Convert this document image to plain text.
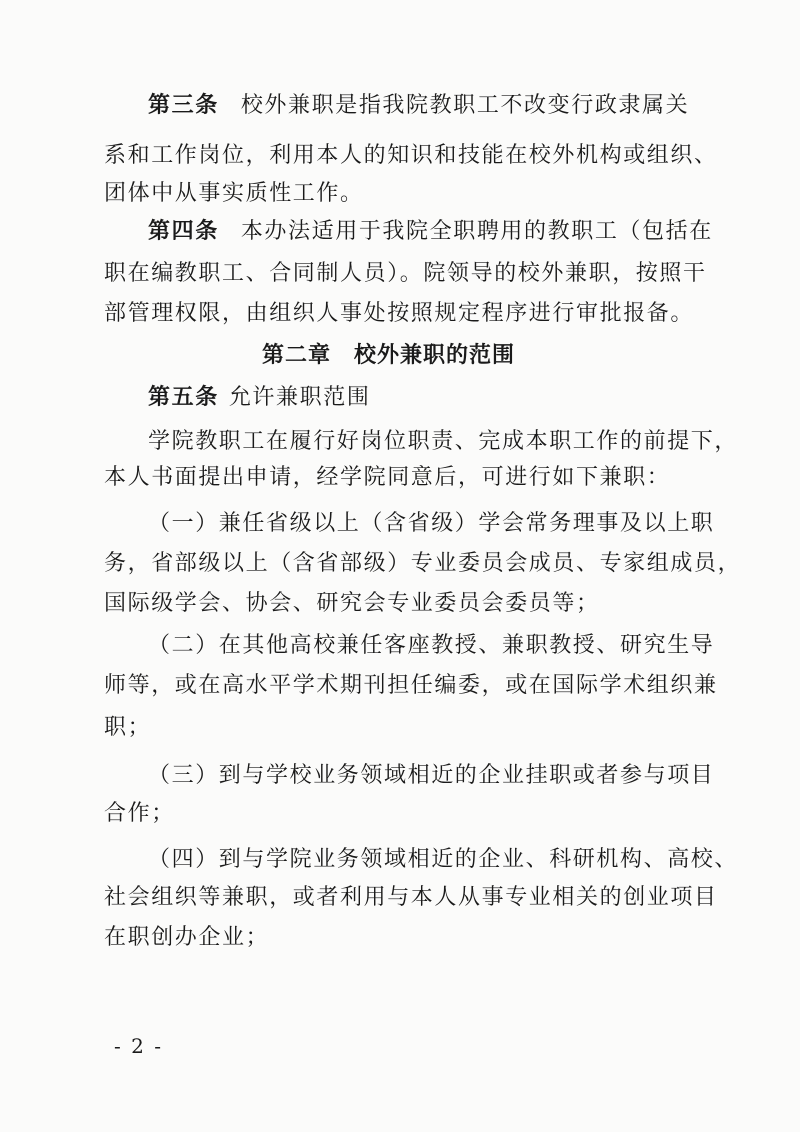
第三条 校外兼职是指我院教职工不改变行政隶属关
系和工作岗位，利用本人的知识和技能在校外机构或组织、
团体中从事实质性工作。
第四条 本办法适用于我院全职聘用的教职工（包括在
职在编教职工、合同制人员）。院领导的校外兼职，按照干
部管理权限，由组织人事处按照规定程序进行审批报备。
第二章　校外兼职的范围
第五条 允许兼职范围
学院教职工在履行好岗位职责、完成本职工作的前提下，
本人书面提出申请，经学院同意后，可进行如下兼职：
（一）兼任省级以上（含省级）学会常务理事及以上职
务，省部级以上（含省部级）专业委员会成员、专家组成员，
国际级学会、协会、研究会专业委员会委员等；
（二）在其他高校兼任客座教授、兼职教授、研究生导
师等，或在高水平学术期刊担任编委，或在国际学术组织兼
职；
（三）到与学校业务领域相近的企业挂职或者参与项目
合作；
（四）到与学院业务领域相近的企业、科研机构、高校、
社会组织等兼职，或者利用与本人从事专业相关的创业项目
在职创办企业；
- 2 -
